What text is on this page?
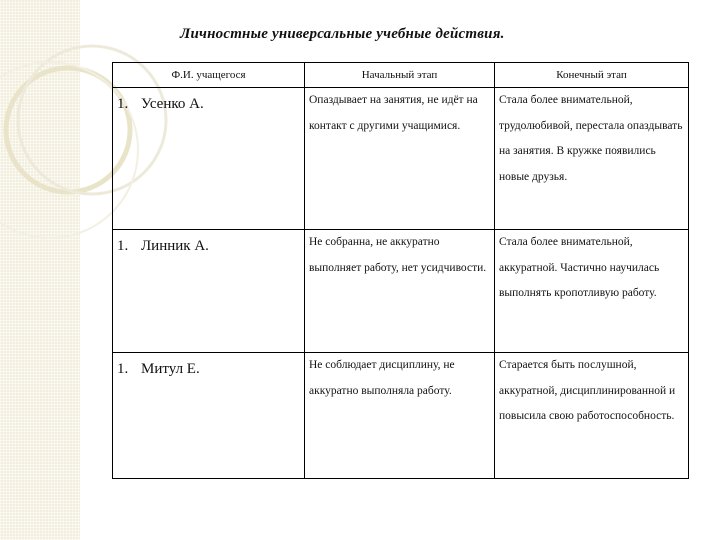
Личностные универсальные учебные действия.
Ф.И. учащегося	Начальный этап	Конечный этап
1. Усенко А.	Опаздывает на занятия, не идёт на контакт с другими учащимися.	Стала более внимательной, трудолюбивой, перестала опаздывать на занятия. В кружке появились новые друзья.
1. Линник А.	Не собранна, не аккуратно выполняет работу, нет усидчивости.	Стала более внимательной, аккуратной. Частично научилась выполнять кропотливую работу.
1. Митул Е.	Не соблюдает дисциплину, не аккуратно выполняла работу.	Старается быть послушной, аккуратной, дисциплинированной и повысила свою работоспособность.
